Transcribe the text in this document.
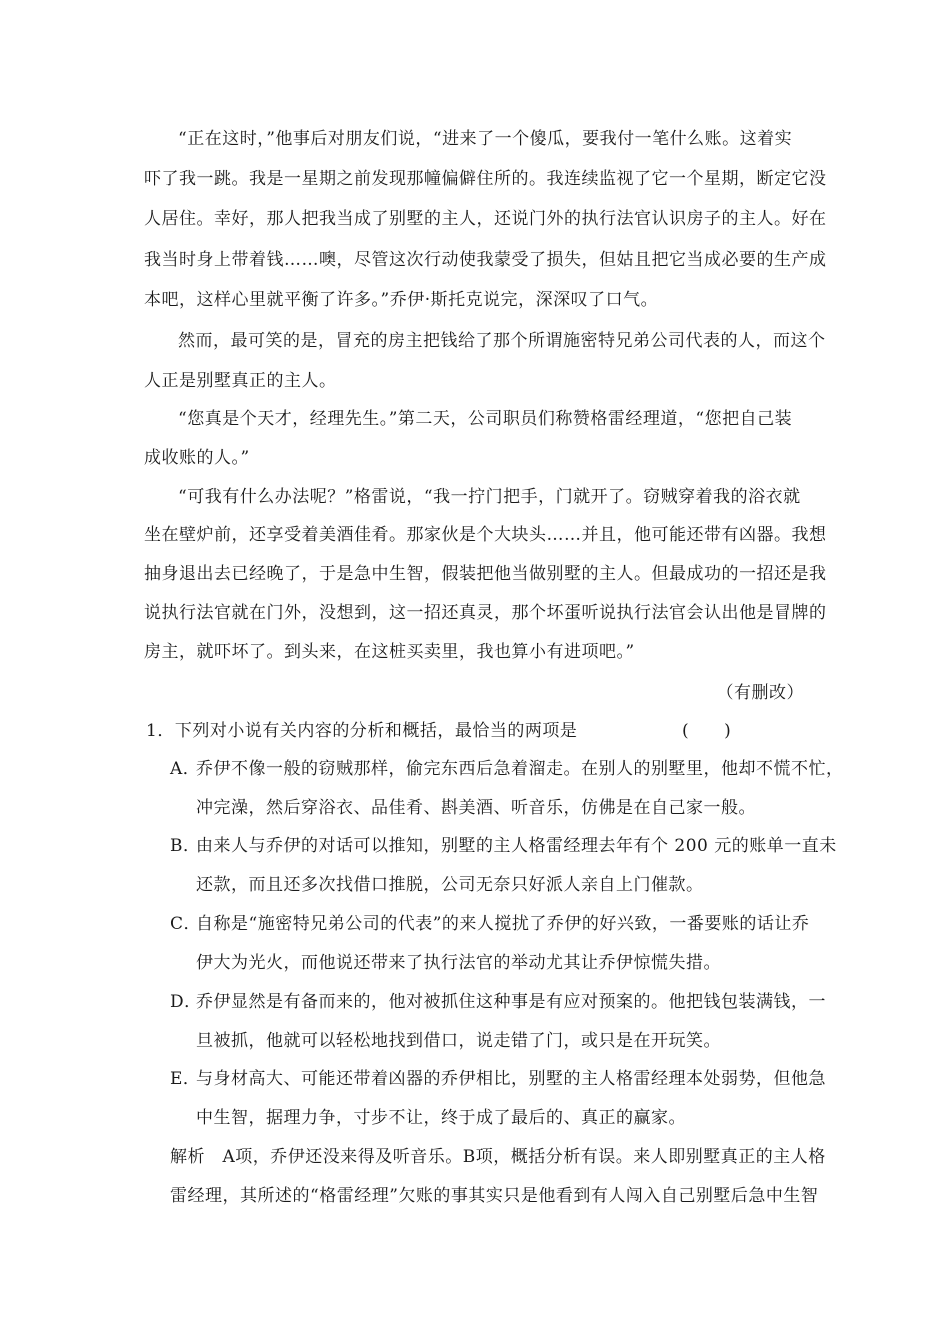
“正在这时，”他事后对朋友们说，“进来了一个傻瓜，要我付一笔什么账。这着实
吓了我一跳。我是一星期之前发现那幢偏僻住所的。我连续监视了它一个星期，断定它没
人居住。幸好，那人把我当成了别墅的主人，还说门外的执行法官认识房子的主人。好在
我当时身上带着钱……噢，尽管这次行动使我蒙受了损失，但姑且把它当成必要的生产成
本吧，这样心里就平衡了许多。”乔伊·斯托克说完，深深叹了口气。
然而，最可笑的是，冒充的房主把钱给了那个所谓施密特兄弟公司代表的人，而这个
人正是别墅真正的主人。
“您真是个天才，经理先生。”第二天，公司职员们称赞格雷经理道，“您把自己装
成收账的人。”
“可我有什么办法呢？”格雷说，“我一拧门把手，门就开了。窃贼穿着我的浴衣就
坐在壁炉前，还享受着美酒佳肴。那家伙是个大块头……并且，他可能还带有凶器。我想
抽身退出去已经晚了，于是急中生智，假装把他当做别墅的主人。但最成功的一招还是我
说执行法官就在门外，没想到，这一招还真灵，那个坏蛋听说执行法官会认出他是冒牌的
房主，就吓坏了。到头来，在这桩买卖里，我也算小有进项吧。”
（有删改）
1．下列对小说有关内容的分析和概括，最恰当的两项是	(　　)
A．
乔伊不像一般的窃贼那样，偷完东西后急着溜走。在别人的别墅里，他却不慌不忙，
冲完澡，然后穿浴衣、品佳肴、斟美酒、听音乐，仿佛是在自己家一般。
B．
由来人与乔伊的对话可以推知，别墅的主人格雷经理去年有个 200 元的账单一直未
还款，而且还多次找借口推脱，公司无奈只好派人亲自上门催款。
C．
自称是“施密特兄弟公司的代表”的来人搅扰了乔伊的好兴致，一番要账的话让乔
伊大为光火，而他说还带来了执行法官的举动尤其让乔伊惊慌失措。
D．
乔伊显然是有备而来的，他对被抓住这种事是有应对预案的。他把钱包装满钱，一
旦被抓，他就可以轻松地找到借口，说走错了门，或只是在开玩笑。
E．
与身材高大、可能还带着凶器的乔伊相比，别墅的主人格雷经理本处弱势，但他急
中生智，据理力争，寸步不让，终于成了最后的、真正的赢家。
解析　A项，乔伊还没来得及听音乐。B项，概括分析有误。来人即别墅真正的主人格
雷经理，其所述的“格雷经理”欠账的事其实只是他看到有人闯入自己别墅后急中生智
